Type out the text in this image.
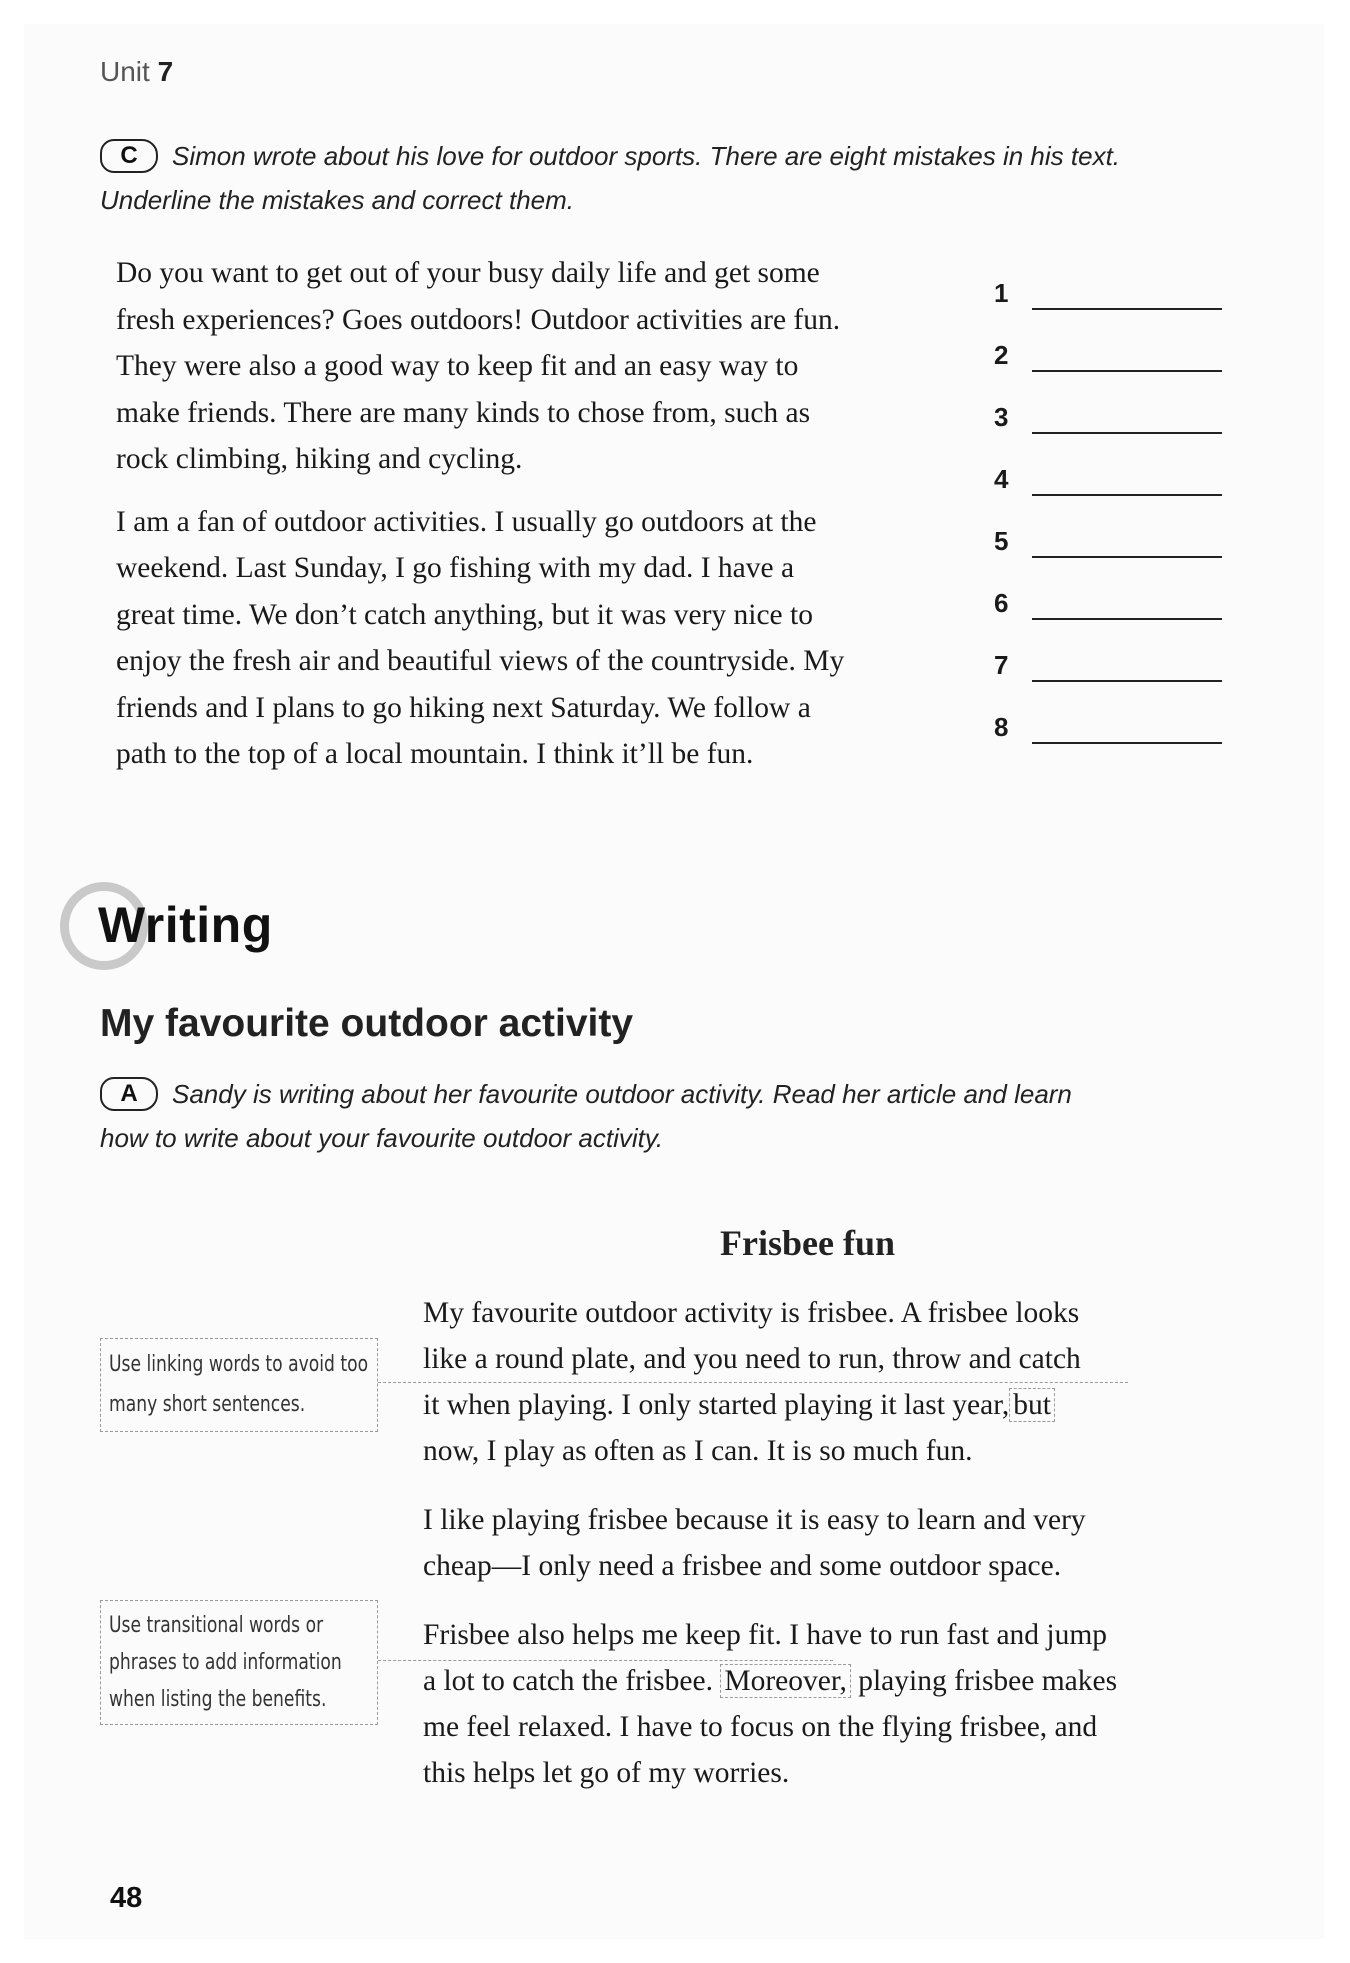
Unit 7
C Simon wrote about his love for outdoor sports. There are eight mistakes in his text.
Underline the mistakes and correct them.

Do you want to get out of your busy daily life and get some
fresh experiences? Goes outdoors! Outdoor activities are fun.
They were also a good way to keep fit and an easy way to
make friends. There are many kinds to chose from, such as
rock climbing, hiking and cycling.

I am a fan of outdoor activities. I usually go outdoors at the
weekend. Last Sunday, I go fishing with my dad. I have a
great time. We don’t catch anything, but it was very nice to
enjoy the fresh air and beautiful views of the countryside. My
friends and I plans to go hiking next Saturday. We follow a
path to the top of a local mountain. I think it’ll be fun.

1
2
3
4
5
6
7
8
Writing
My favourite outdoor activity
A Sandy is writing about her favourite outdoor activity. Read her article and learn
how to write about your favourite outdoor activity.
Frisbee fun

My favourite outdoor activity is frisbee. A frisbee looks
like a round plate, and you need to run, throw and catch
it when playing. I only started playing it last year, but
now, I play as often as I can. It is so much fun.

I like playing frisbee because it is easy to learn and very
cheap—I only need a frisbee and some outdoor space.

Frisbee also helps me keep fit. I have to run fast and jump
a lot to catch the frisbee. Moreover, playing frisbee makes
me feel relaxed. I have to focus on the flying frisbee, and
this helps let go of my worries.

Use linking words to avoid too
many short sentences.
Use transitional words or
phrases to add information
when listing the benefits.
48
